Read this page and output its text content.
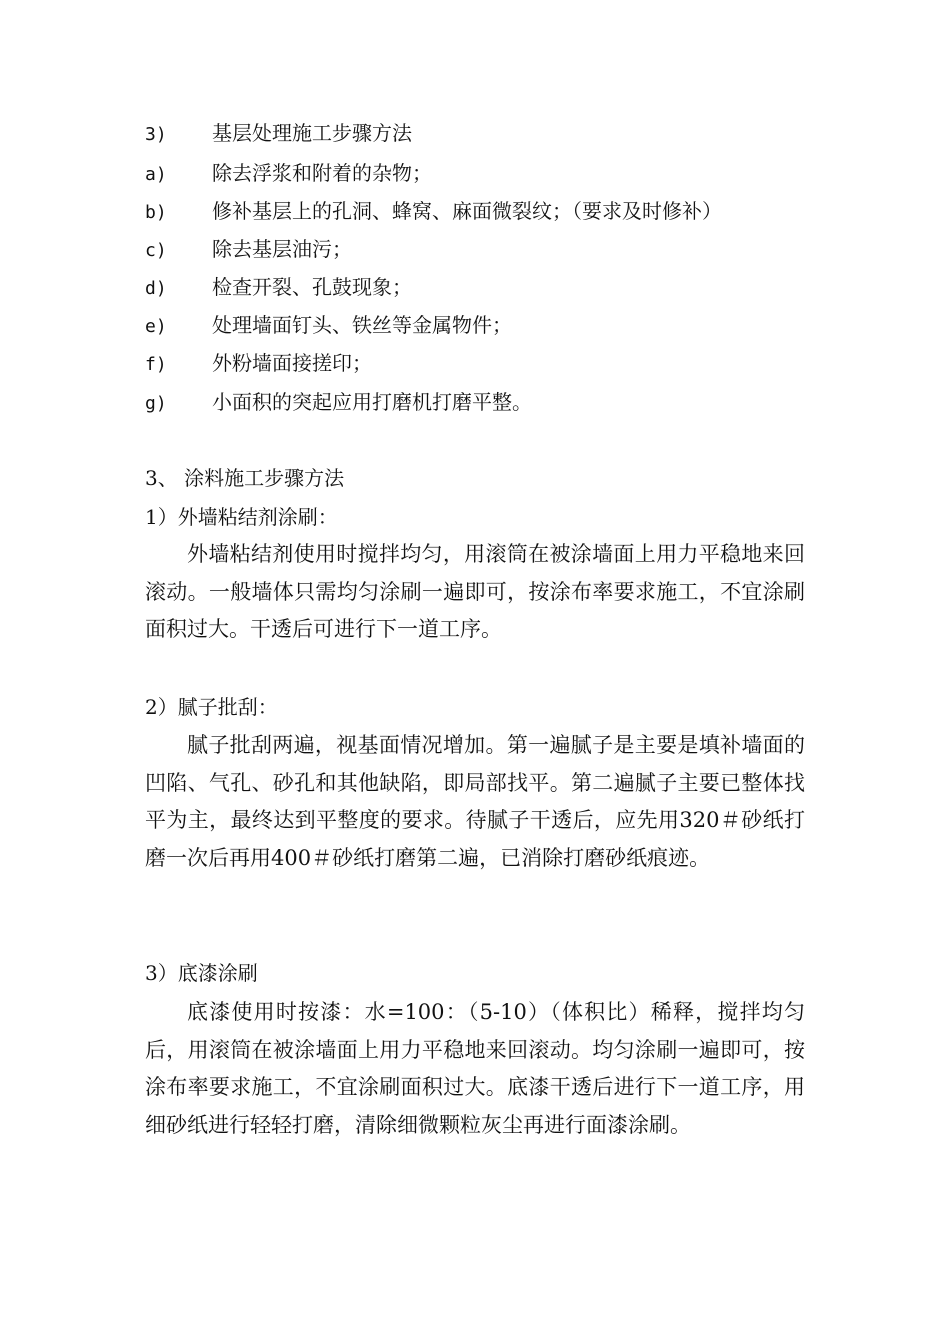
3) 基层处理施工步骤方法
a) 除去浮浆和附着的杂物；
b) 修补基层上的孔洞、蜂窝、麻面微裂纹；（要求及时修补）
c) 除去基层油污；
d) 检查开裂、孔鼓现象；
e) 处理墙面钉头、铁丝等金属物件；
f) 外粉墙面接搓印；
g) 小面积的突起应用打磨机打磨平整。
3、 涂料施工步骤方法
1）外墙粘结剂涂刷：

外墙粘结剂使用时搅拌均匀，用滚筒在被涂墙面上用力平稳地来回滚动。一般墙体只需均匀涂刷一遍即可，按涂布率要求施工，不宜涂刷面积过大。干透后可进行下一道工序。

2）腻子批刮：

腻子批刮两遍，视基面情况增加。第一遍腻子是主要是填补墙面的凹陷、气孔、砂孔和其他缺陷，即局部找平。第二遍腻子主要已整体找平为主，最终达到平整度的要求。待腻子干透后，应先用320＃砂纸打磨一次后再用400＃砂纸打磨第二遍，已消除打磨砂纸痕迹。

3）底漆涂刷

底漆使用时按漆：水=100：（5-10）（体积比）稀释，搅拌均匀后，用滚筒在被涂墙面上用力平稳地来回滚动。均匀涂刷一遍即可，按涂布率要求施工，不宜涂刷面积过大。底漆干透后进行下一道工序，用细砂纸进行轻轻打磨，清除细微颗粒灰尘再进行面漆涂刷。
